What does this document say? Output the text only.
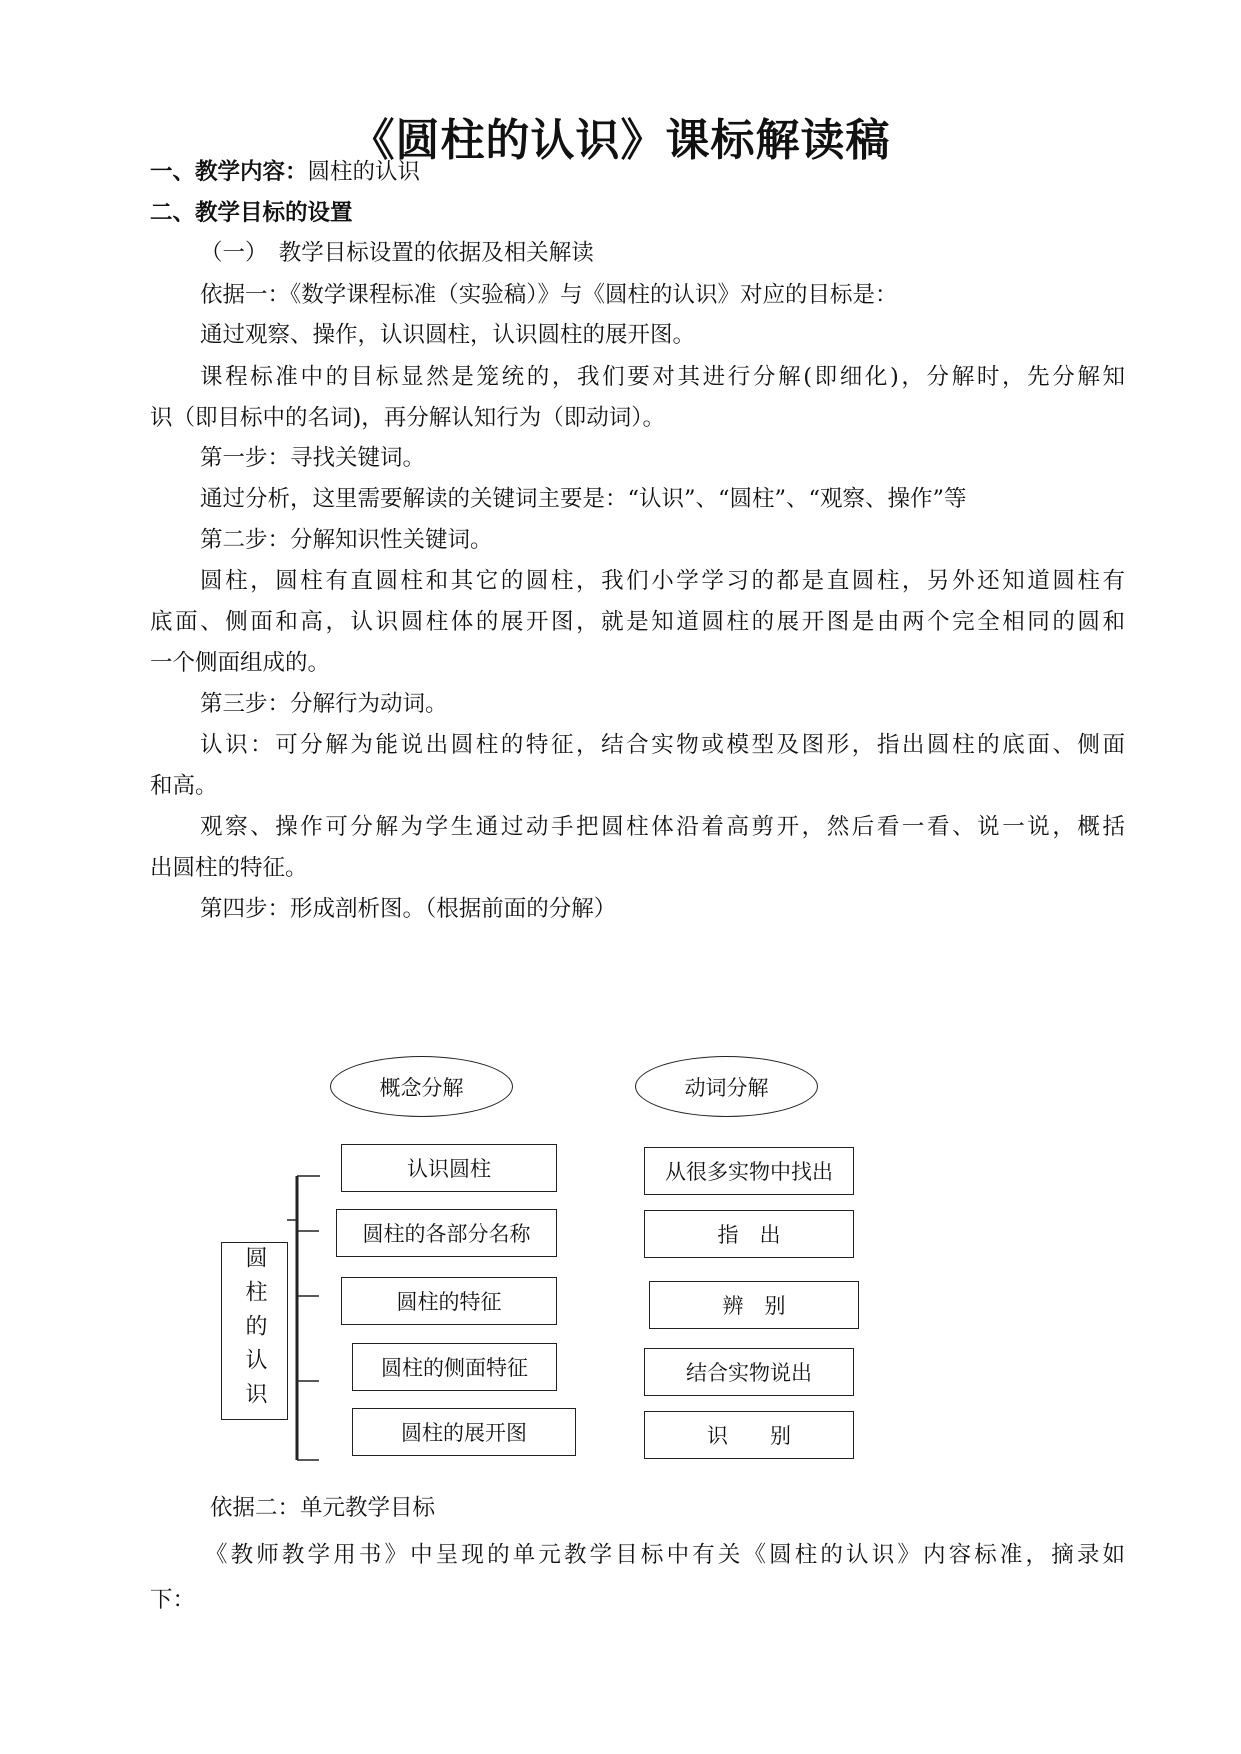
《圆柱的认识》课标解读稿
一、教学内容：圆柱的认识
二、教学目标的设置
（一）　教学目标设置的依据及相关解读
依据一：《数学课程标准（实验稿）》与《圆柱的认识》对应的目标是：
通过观察、操作，认识圆柱，认识圆柱的展开图。
课程标准中的目标显然是笼统的，我们要对其进行分解(即细化)，分解时，先分解知
识（即目标中的名词)，再分解认知行为（即动词）。
第一步：寻找关键词。
通过分析，这里需要解读的关键词主要是：“认识”、“圆柱”、“观察、操作”等
第二步：分解知识性关键词。
圆柱，圆柱有直圆柱和其它的圆柱，我们小学学习的都是直圆柱，另外还知道圆柱有
底面、侧面和高，认识圆柱体的展开图，就是知道圆柱的展开图是由两个完全相同的圆和
一个侧面组成的。
第三步：分解行为动词。
认识：可分解为能说出圆柱的特征，结合实物或模型及图形，指出圆柱的底面、侧面
和高。
观察、操作可分解为学生通过动手把圆柱体沿着高剪开，然后看一看、说一说，概括
出圆柱的特征。
第四步：形成剖析图。（根据前面的分解）
概念分解	动词分解
圆柱的认识
认识圆柱
圆柱的各部分名称
圆柱的特征
圆柱的侧面特征
圆柱的展开图
从很多实物中找出
指　出
辨　别
结合实物说出
识　　别
依据二：单元教学目标
《教师教学用书》中呈现的单元教学目标中有关《圆柱的认识》内容标准，摘录如
下：
